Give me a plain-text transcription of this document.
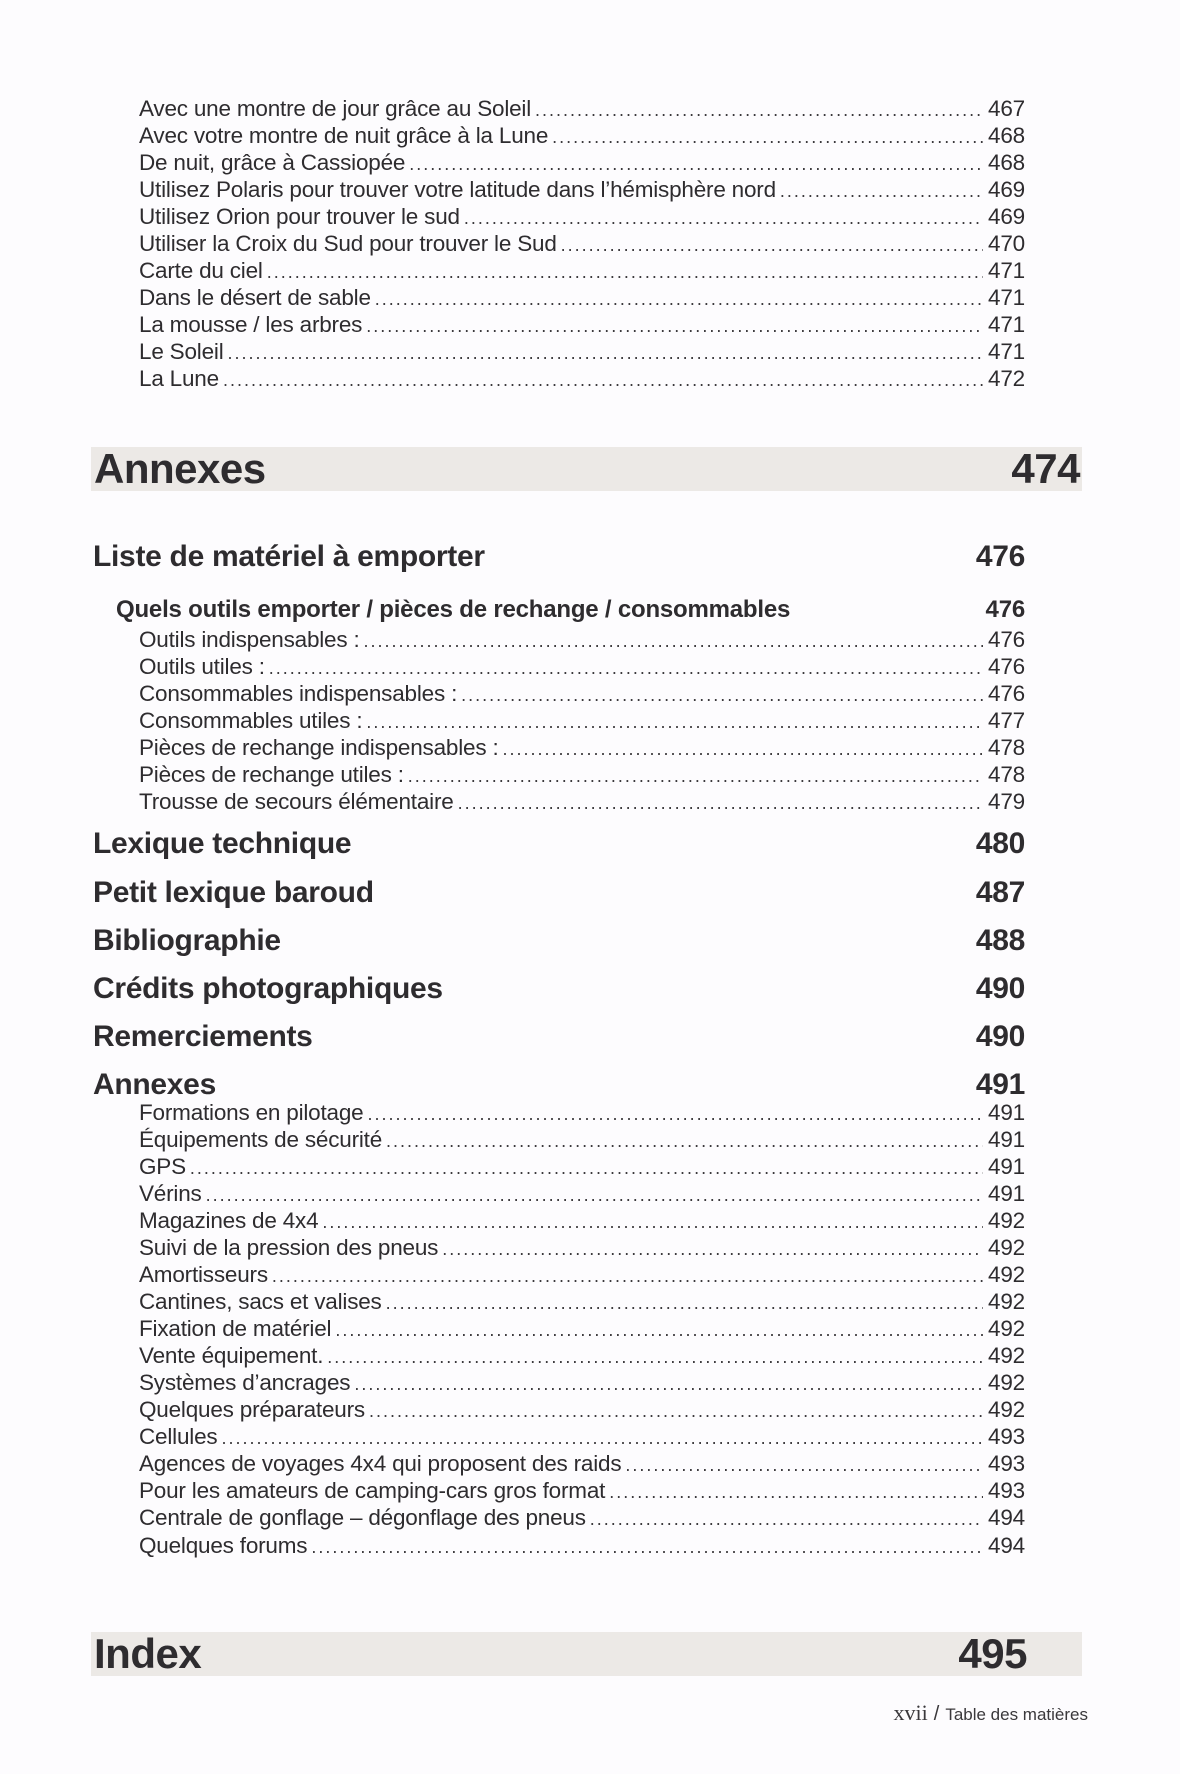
Avec une montre de jour grâce au Soleil . . .	467
Avec votre montre de nuit grâce à la Lune . . .	468
De nuit, grâce à Cassiopée . . .	468
Utilisez Polaris pour trouver votre latitude dans l’hémisphère nord . . .	469
Utilisez Orion pour trouver le sud . . .	469
Utiliser la Croix du Sud pour trouver le Sud . . .	470
Carte du ciel . . .	471
Dans le désert de sable . . .	471
La mousse / les arbres . . .	471
Le Soleil . . .	471
La Lune . . .	472
Annexes	474
Liste de matériel à emporter	476
Quels outils emporter / pièces de rechange / consommables	476
Outils indispensables : . . .	476
Outils utiles : . . .	476
Consommables indispensables : . . .	476
Consommables utiles : . . .	477
Pièces de rechange indispensables : . . .	478
Pièces de rechange utiles : . . .	478
Trousse de secours élémentaire . . .	479
Lexique technique	480
Petit lexique baroud	487
Bibliographie	488
Crédits photographiques	490
Remerciements	490
Annexes	491
Formations en pilotage . . .	491
Équipements de sécurité . . .	491
GPS . . .	491
Vérins . . .	491
Magazines de 4x4 . . .	492
Suivi de la pression des pneus . . .	492
Amortisseurs . . .	492
Cantines, sacs et valises . . .	492
Fixation de matériel . . .	492
Vente équipement. . . .	492
Systèmes d’ancrages . . .	492
Quelques préparateurs . . .	492
Cellules . . .	493
Agences de voyages 4x4 qui proposent des raids . . .	493
Pour les amateurs de camping-cars gros format . . .	493
Centrale de gonflage – dégonflage des pneus . . .	494
Quelques forums . . .	494
Index	495
xvii / Table des matières
